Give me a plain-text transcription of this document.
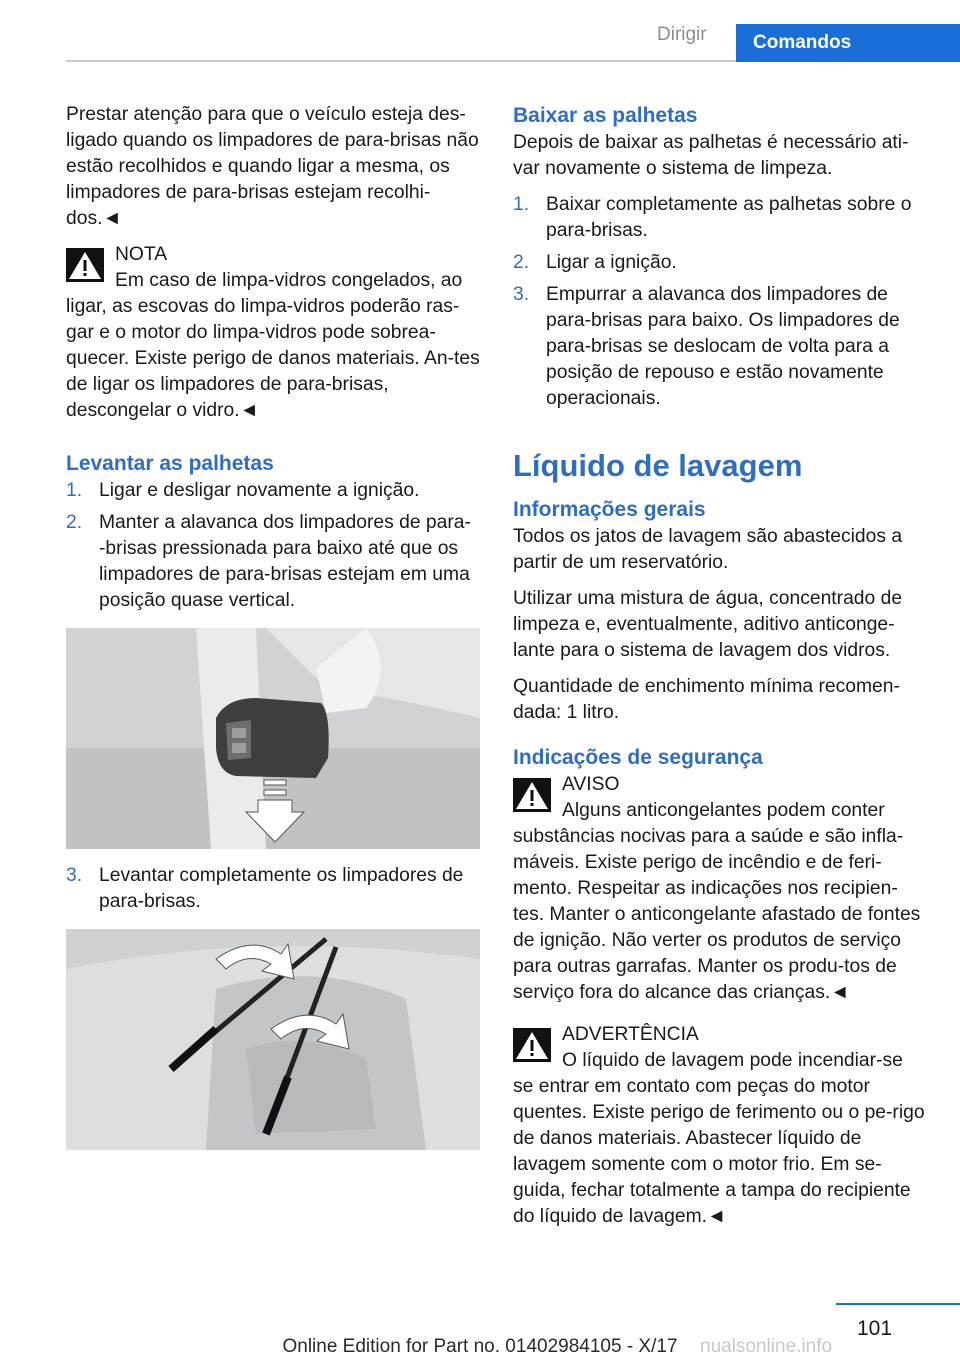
Dirigir	Comandos

Prestar atenção para que o veículo esteja des-ligado quando os limpadores de para-brisas não estão recolhidos e quando ligar a mesma, os limpadores de para-brisas estejam recolhi-dos.◄

NOTA
Em caso de limpa-vidros congelados, ao ligar, as escovas do limpa-vidros poderão ras-gar e o motor do limpa-vidros pode sobrea-quecer. Existe perigo de danos materiais. An-tes de ligar os limpadores de para-brisas, descongelar o vidro.◄
Levantar as palhetas
1. Ligar e desligar novamente a ignição.
2. Manter a alavanca dos limpadores de para-‑brisas pressionada para baixo até que os limpadores de para-brisas estejam em uma posição quase vertical.
3. Levantar completamente os limpadores de para-brisas.
Baixar as palhetas

Depois de baixar as palhetas é necessário ati-var novamente o sistema de limpeza.

1. Baixar completamente as palhetas sobre o para-brisas.
2. Ligar a ignição.
3. Empurrar a alavanca dos limpadores de para-brisas para baixo. Os limpadores de para-brisas se deslocam de volta para a posição de repouso e estão novamente operacionais.
Líquido de lavagem
Informações gerais

Todos os jatos de lavagem são abastecidos a partir de um reservatório.

Utilizar uma mistura de água, concentrado de limpeza e, eventualmente, aditivo anticonge-lante para o sistema de lavagem dos vidros.

Quantidade de enchimento mínima recomen-dada: 1 litro.

Indicações de segurança
AVISO
Alguns anticongelantes podem conter substâncias nocivas para a saúde e são infla-máveis. Existe perigo de incêndio e de feri-mento. Respeitar as indicações nos recipien-tes. Manter o anticongelante afastado de fontes de ignição. Não verter os produtos de serviço para outras garrafas. Manter os produ-tos de serviço fora do alcance das crianças.◄
ADVERTÊNCIA
O líquido de lavagem pode incendiar-se se entrar em contato com peças do motor quentes. Existe perigo de ferimento ou o pe-rigo de danos materiais. Abastecer líquido de lavagem somente com o motor frio. Em se-guida, fechar totalmente a tampa do recipiente do líquido de lavagem.◄
101
Online Edition for Part no. 01402984105 - X/17	nualsonline.info
